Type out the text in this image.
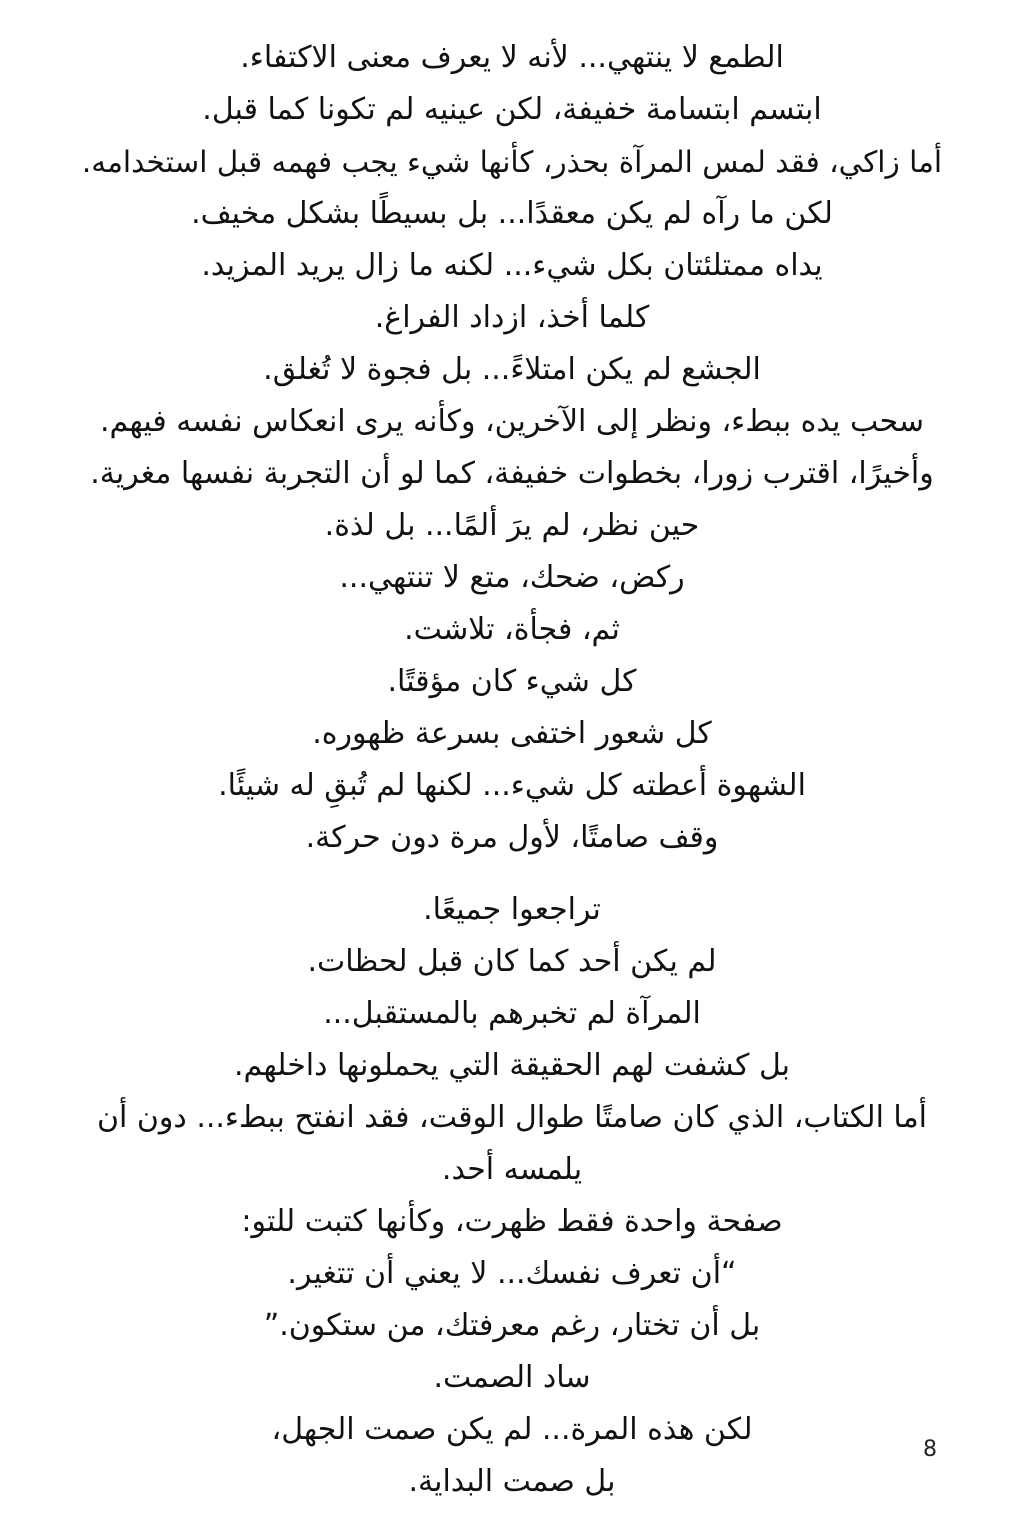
الطمع لا ينتهي... لأنه لا يعرف معنى الاكتفاء.

ابتسم ابتسامة خفيفة، لكن عينيه لم تكونا كما قبل.

أما زاكي، فقد لمس المرآة بحذر، كأنها شيء يجب فهمه قبل استخدامه.

لكن ما رآه لم يكن معقدًا... بل بسيطًا بشكل مخيف.

يداه ممتلئتان بكل شيء... لكنه ما زال يريد المزيد.

كلما أخذ، ازداد الفراغ.

الجشع لم يكن امتلاءً... بل فجوة لا تُغلق.

سحب يده ببطء، ونظر إلى الآخرين، وكأنه يرى انعكاس نفسه فيهم.

وأخيرًا، اقترب زورا، بخطوات خفيفة، كما لو أن التجربة نفسها مغرية.

حين نظر، لم يرَ ألمًا... بل لذة.

ركض، ضحك، متع لا تنتهي...

ثم، فجأة، تلاشت.

كل شيء كان مؤقتًا.

كل شعور اختفى بسرعة ظهوره.

الشهوة أعطته كل شيء... لكنها لم تُبقِ له شيئًا.

وقف صامتًا، لأول مرة دون حركة.

تراجعوا جميعًا.

لم يكن أحد كما كان قبل لحظات.

المرآة لم تخبرهم بالمستقبل...

بل كشفت لهم الحقيقة التي يحملونها داخلهم.

أما الكتاب، الذي كان صامتًا طوال الوقت، فقد انفتح ببطء... دون أن

يلمسه أحد.

صفحة واحدة فقط ظهرت، وكأنها كتبت للتو:

“أن تعرف نفسك... لا يعني أن تتغير.

بل أن تختار، رغم معرفتك، من ستكون.”

ساد الصمت.

لكن هذه المرة... لم يكن صمت الجهل،

بل صمت البداية.

8
